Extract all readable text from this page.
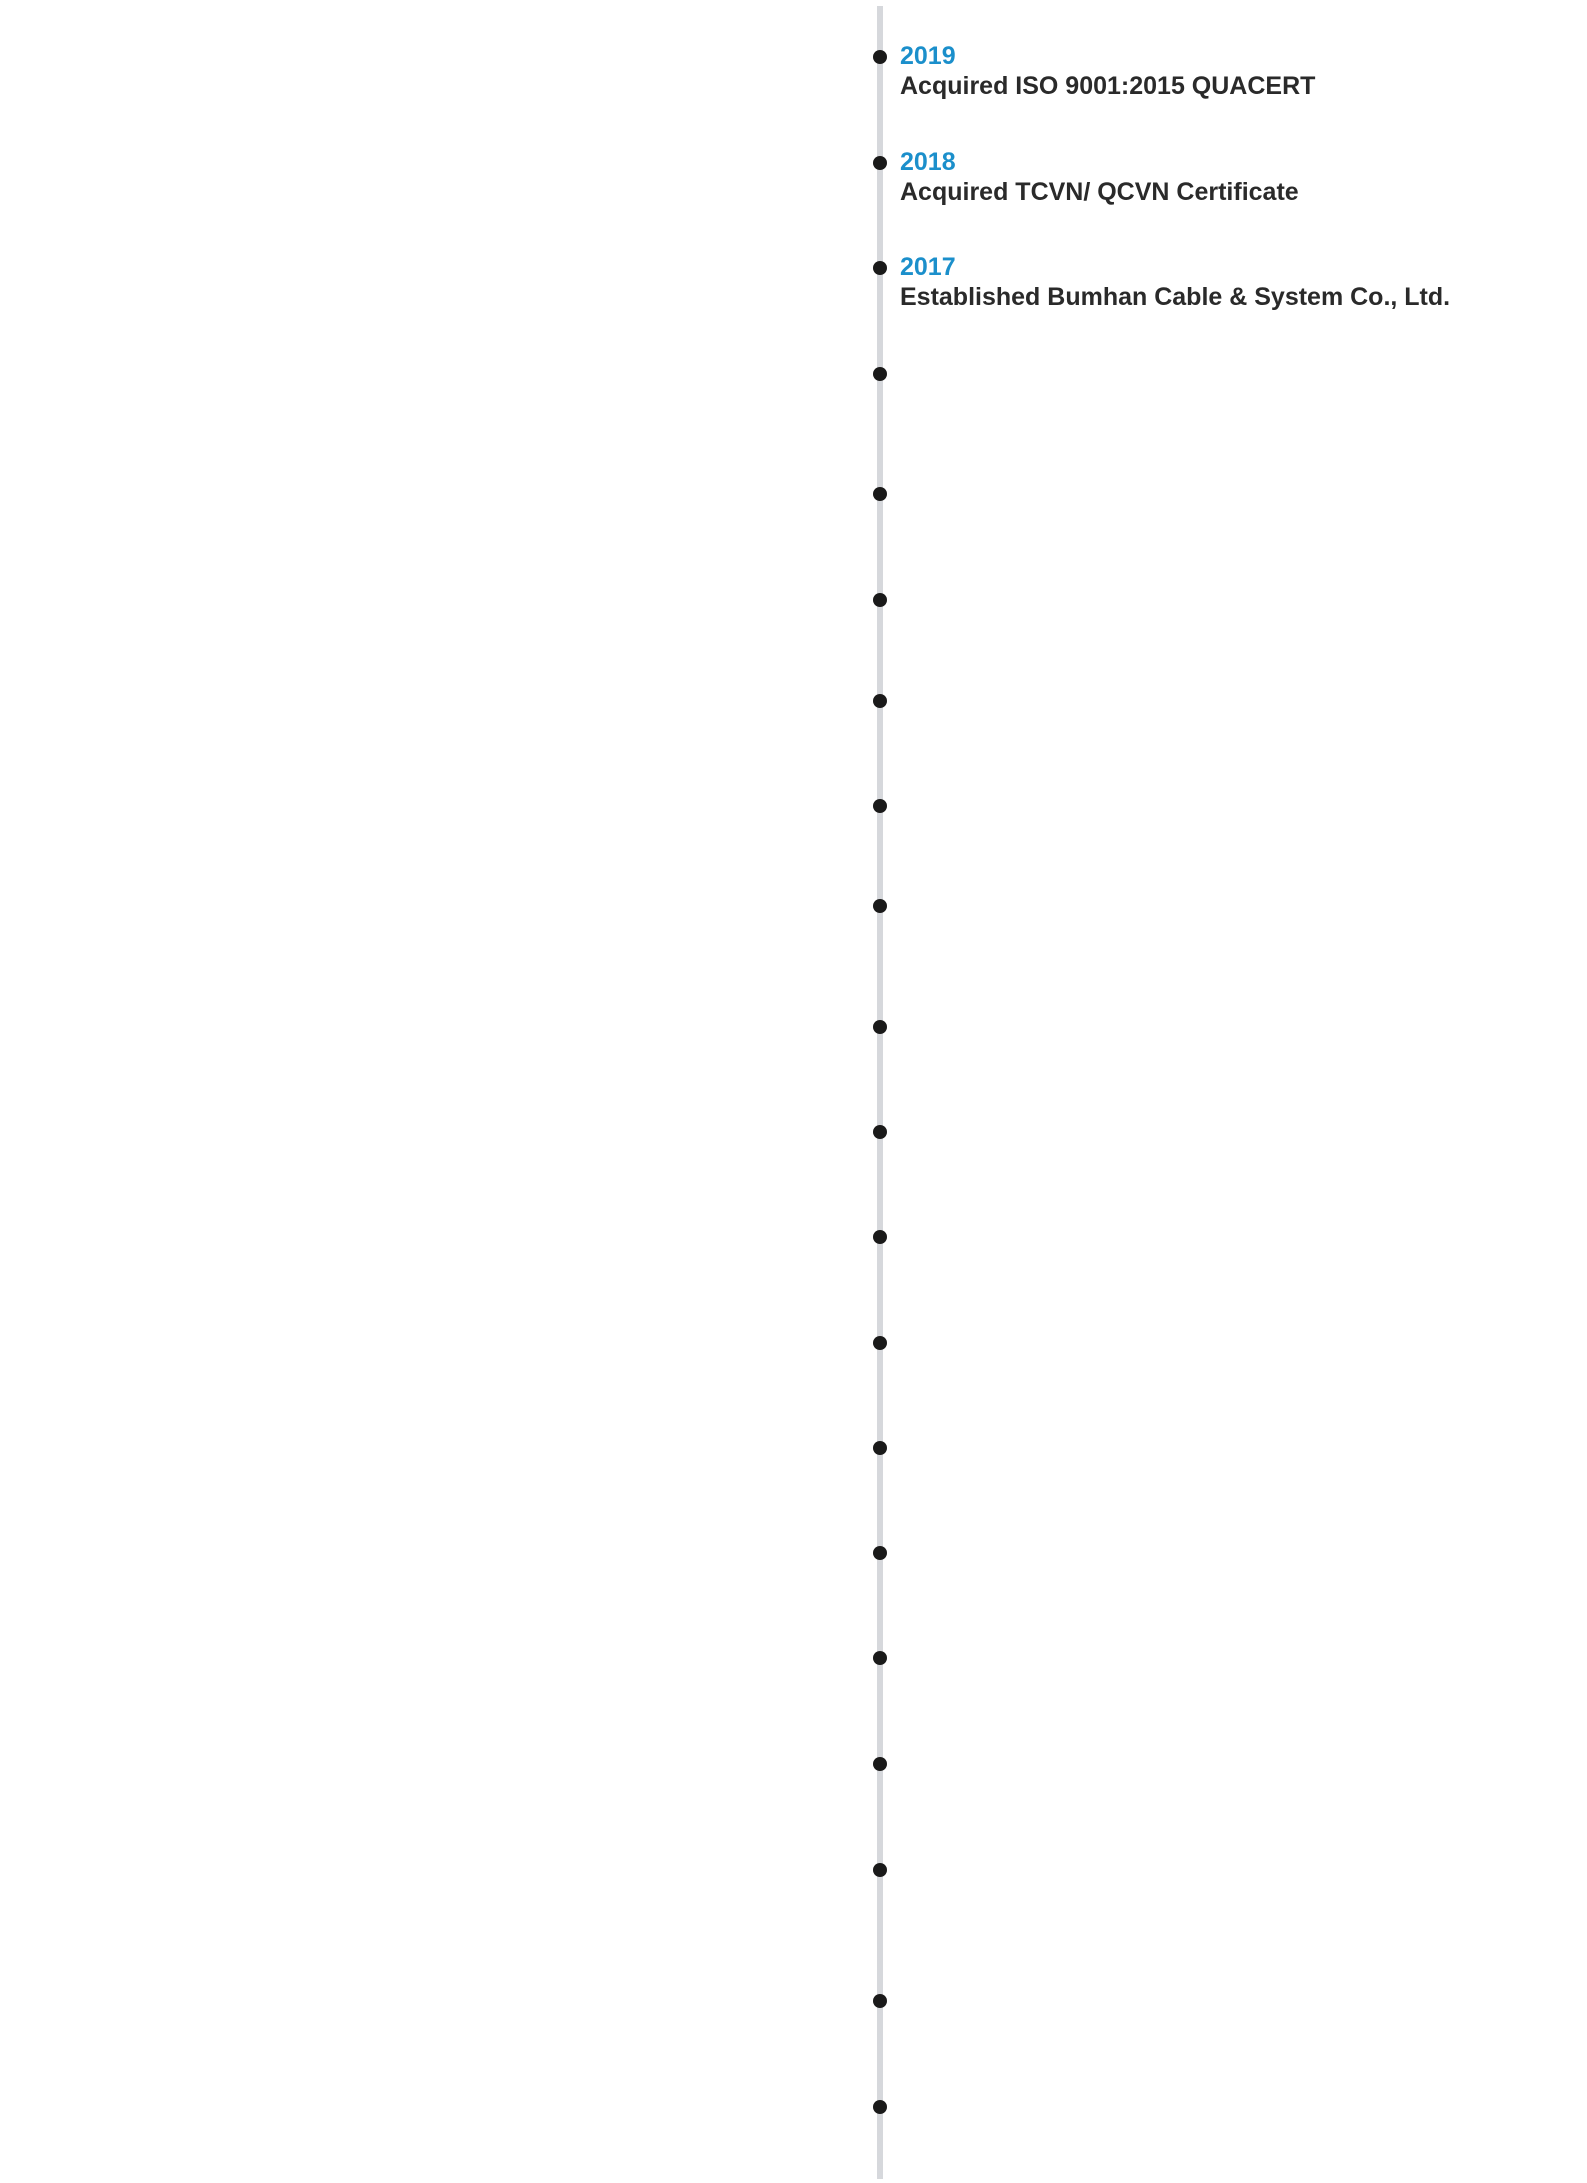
2019
Acquired ISO 9001:2015 QUACERT
2018
Acquired TCVN/ QCVN Certificate
2017
Established Bumhan Cable & System Co., Ltd.
